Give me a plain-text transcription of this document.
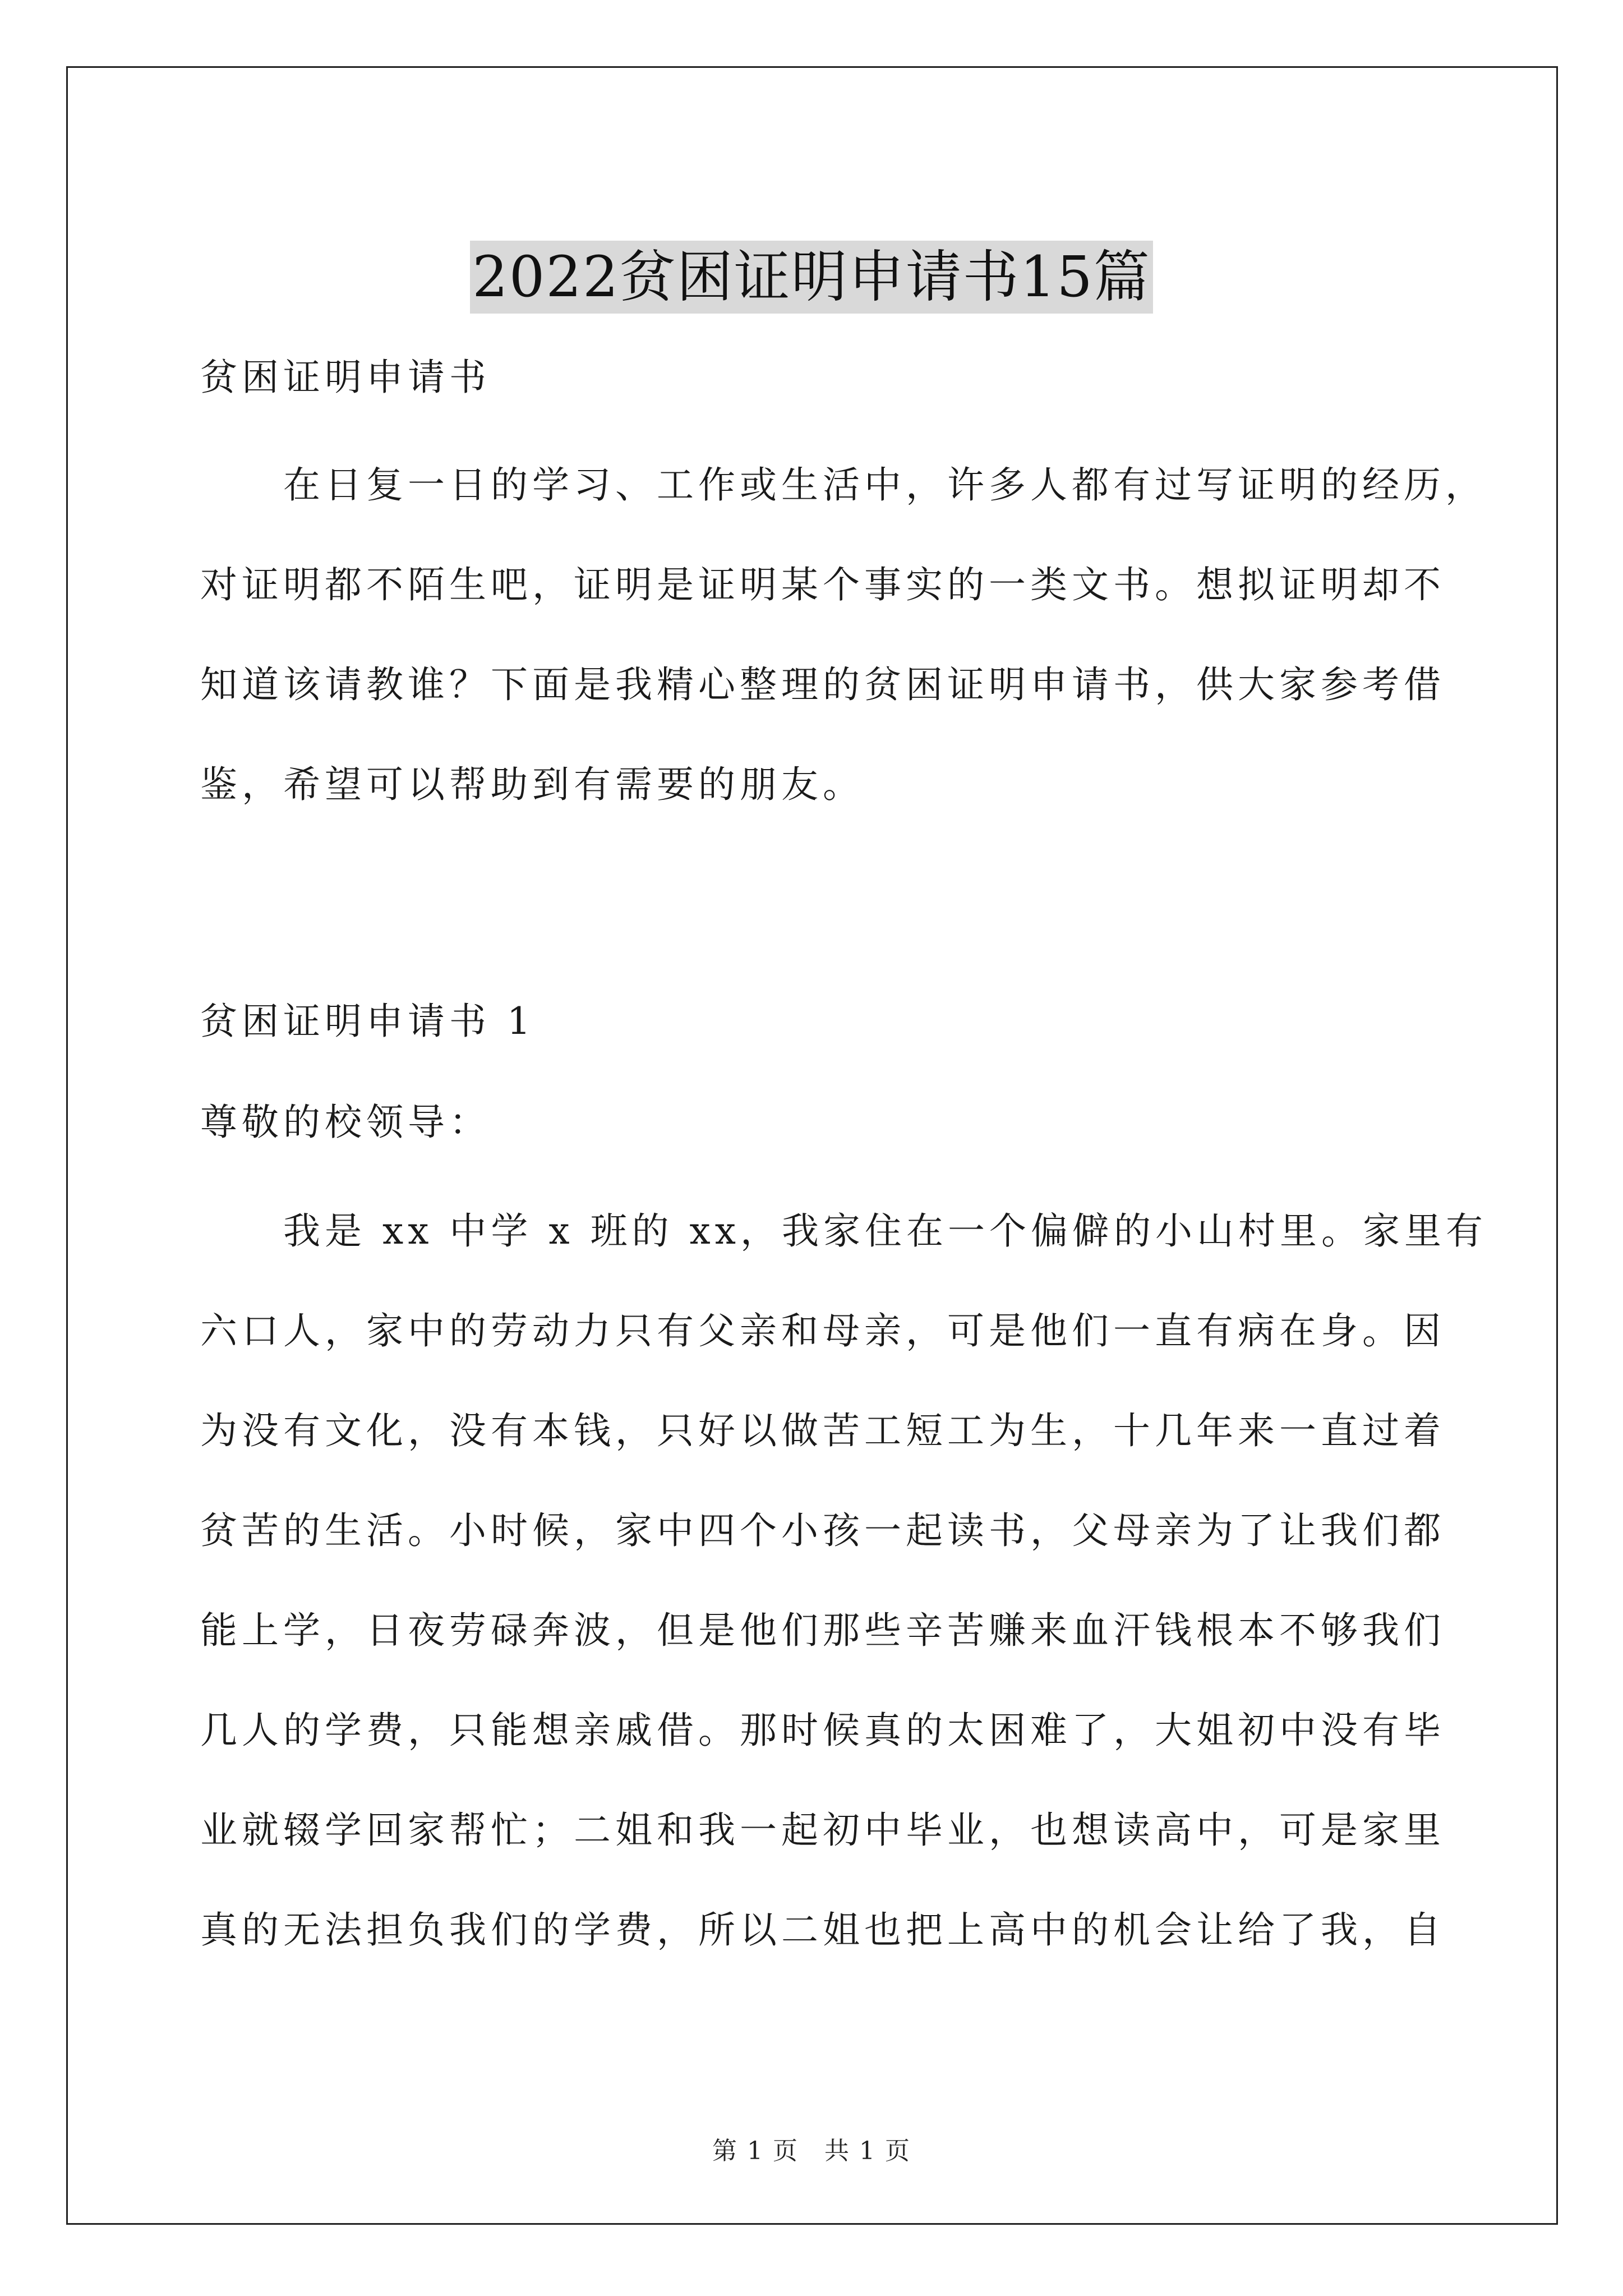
2022贫困证明申请书15篇
贫困证明申请书
　　在日复一日的学习、工作或生活中，许多人都有过写证明的经历，
对证明都不陌生吧，证明是证明某个事实的一类文书。想拟证明却不
知道该请教谁？下面是我精心整理的贫困证明申请书，供大家参考借
鉴，希望可以帮助到有需要的朋友。
贫困证明申请书 1
尊敬的校领导：
　　我是 xx 中学 x 班的 xx，我家住在一个偏僻的小山村里。家里有
六口人，家中的劳动力只有父亲和母亲，可是他们一直有病在身。因
为没有文化，没有本钱，只好以做苦工短工为生，十几年来一直过着
贫苦的生活。小时候，家中四个小孩一起读书，父母亲为了让我们都
能上学，日夜劳碌奔波，但是他们那些辛苦赚来血汗钱根本不够我们
几人的学费，只能想亲戚借。那时候真的太困难了，大姐初中没有毕
业就辍学回家帮忙；二姐和我一起初中毕业，也想读高中，可是家里
真的无法担负我们的学费，所以二姐也把上高中的机会让给了我，自
第 1 页　共 1 页
